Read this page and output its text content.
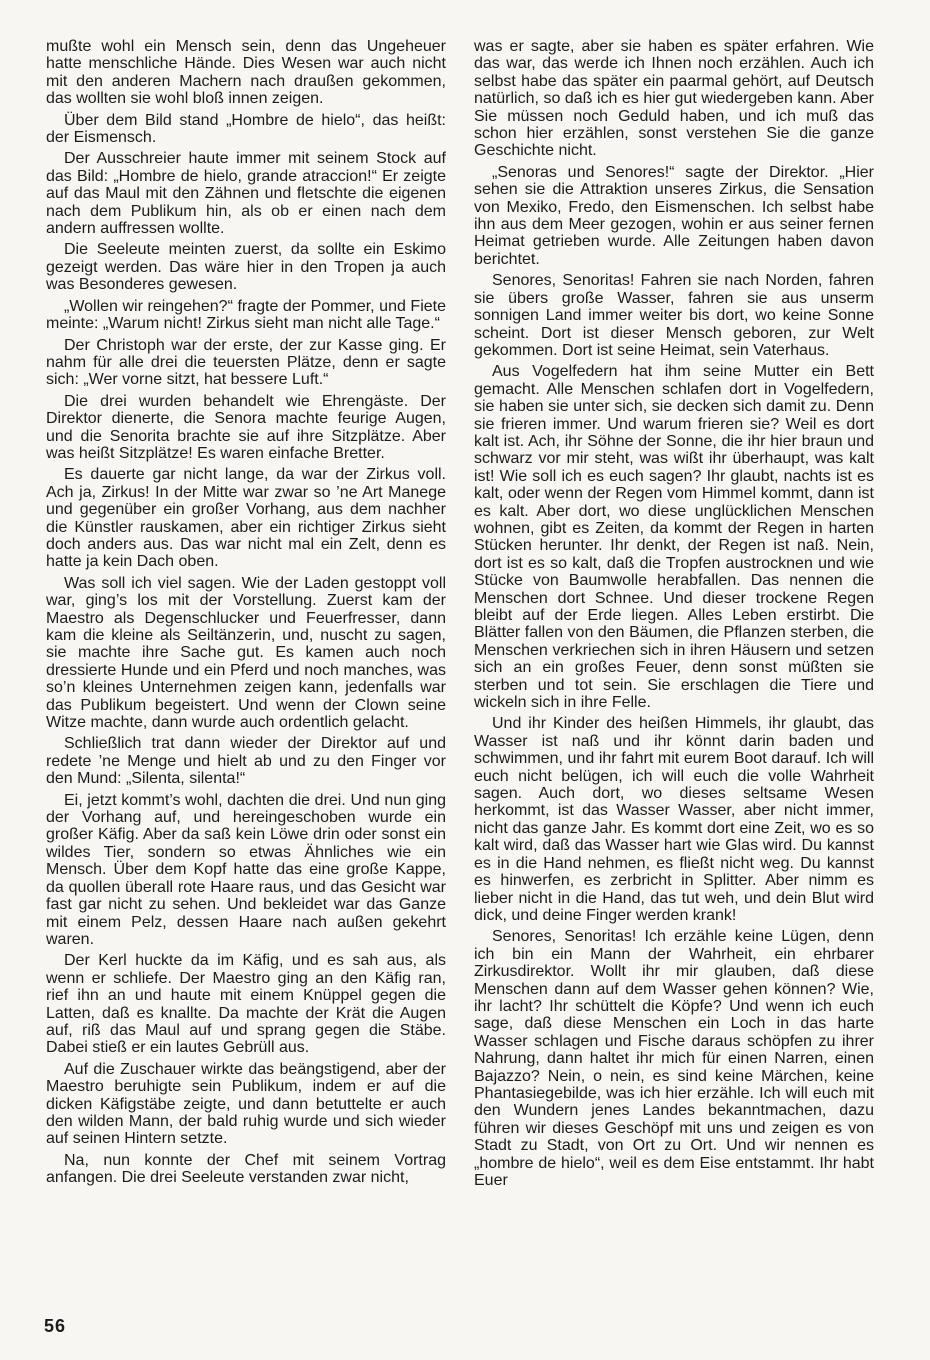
mußte wohl ein Mensch sein, denn das Ungeheuer hatte menschliche Hände. Dies Wesen war auch nicht mit den anderen Machern nach draußen gekommen, das wollten sie wohl bloß innen zeigen.

Über dem Bild stand „Hombre de hielo“, das heißt: der Eismensch.

Der Ausschreier haute immer mit seinem Stock auf das Bild: „Hombre de hielo, grande atraccion!“ Er zeigte auf das Maul mit den Zähnen und fletschte die eigenen nach dem Publikum hin, als ob er einen nach dem andern auffressen wollte.

Die Seeleute meinten zuerst, da sollte ein Eskimo gezeigt werden. Das wäre hier in den Tropen ja auch was Besonderes gewesen.

„Wollen wir reingehen?“ fragte der Pommer, und Fiete meinte: „Warum nicht! Zirkus sieht man nicht alle Tage.“

Der Christoph war der erste, der zur Kasse ging. Er nahm für alle drei die teuersten Plätze, denn er sagte sich: „Wer vorne sitzt, hat bessere Luft.“

Die drei wurden behandelt wie Ehrengäste. Der Direktor dienerte, die Senora machte feurige Augen, und die Senorita brachte sie auf ihre Sitzplätze. Aber was heißt Sitzplätze! Es waren einfache Bretter.

Es dauerte gar nicht lange, da war der Zirkus voll. Ach ja, Zirkus! In der Mitte war zwar so ’ne Art Manege und gegenüber ein großer Vorhang, aus dem nachher die Künstler rauskamen, aber ein richtiger Zirkus sieht doch anders aus. Das war nicht mal ein Zelt, denn es hatte ja kein Dach oben.

Was soll ich viel sagen. Wie der Laden gestoppt voll war, ging’s los mit der Vorstellung. Zuerst kam der Maestro als Degenschlucker und Feuerfresser, dann kam die kleine als Seiltänzerin, und, nuscht zu sagen, sie machte ihre Sache gut. Es kamen auch noch dressierte Hunde und ein Pferd und noch manches, was so’n kleines Unternehmen zeigen kann, jedenfalls war das Publikum begeistert. Und wenn der Clown seine Witze machte, dann wurde auch ordentlich gelacht.

Schließlich trat dann wieder der Direktor auf und redete ’ne Menge und hielt ab und zu den Finger vor den Mund: „Silenta, silenta!“

Ei, jetzt kommt’s wohl, dachten die drei. Und nun ging der Vorhang auf, und hereingeschoben wurde ein großer Käfig. Aber da saß kein Löwe drin oder sonst ein wildes Tier, sondern so etwas Ähnliches wie ein Mensch. Über dem Kopf hatte das eine große Kappe, da quollen überall rote Haare raus, und das Gesicht war fast gar nicht zu sehen. Und bekleidet war das Ganze mit einem Pelz, dessen Haare nach außen gekehrt waren.

Der Kerl huckte da im Käfig, und es sah aus, als wenn er schliefe. Der Maestro ging an den Käfig ran, rief ihn an und haute mit einem Knüppel gegen die Latten, daß es knallte. Da machte der Krät die Augen auf, riß das Maul auf und sprang gegen die Stäbe. Dabei stieß er ein lautes Gebrüll aus.

Auf die Zuschauer wirkte das beängstigend, aber der Maestro beruhigte sein Publikum, indem er auf die dicken Käfigstäbe zeigte, und dann betuttelte er auch den wilden Mann, der bald ruhig wurde und sich wieder auf seinen Hintern setzte.

Na, nun konnte der Chef mit seinem Vortrag anfangen. Die drei Seeleute verstanden zwar nicht,

was er sagte, aber sie haben es später erfahren. Wie das war, das werde ich Ihnen noch erzählen. Auch ich selbst habe das später ein paarmal gehört, auf Deutsch natürlich, so daß ich es hier gut wiedergeben kann. Aber Sie müssen noch Geduld haben, und ich muß das schon hier erzählen, sonst verstehen Sie die ganze Geschichte nicht.

„Senoras und Senores!“ sagte der Direktor. „Hier sehen sie die Attraktion unseres Zirkus, die Sensation von Mexiko, Fredo, den Eismenschen. Ich selbst habe ihn aus dem Meer gezogen, wohin er aus seiner fernen Heimat getrieben wurde. Alle Zeitungen haben davon berichtet.

Senores, Senoritas! Fahren sie nach Norden, fahren sie übers große Wasser, fahren sie aus unserm sonnigen Land immer weiter bis dort, wo keine Sonne scheint. Dort ist dieser Mensch geboren, zur Welt gekommen. Dort ist seine Heimat, sein Vaterhaus.

Aus Vogelfedern hat ihm seine Mutter ein Bett gemacht. Alle Menschen schlafen dort in Vogelfedern, sie haben sie unter sich, sie decken sich damit zu. Denn sie frieren immer. Und warum frieren sie? Weil es dort kalt ist. Ach, ihr Söhne der Sonne, die ihr hier braun und schwarz vor mir steht, was wißt ihr überhaupt, was kalt ist! Wie soll ich es euch sagen? Ihr glaubt, nachts ist es kalt, oder wenn der Regen vom Himmel kommt, dann ist es kalt. Aber dort, wo diese unglücklichen Menschen wohnen, gibt es Zeiten, da kommt der Regen in harten Stücken herunter. Ihr denkt, der Regen ist naß. Nein, dort ist es so kalt, daß die Tropfen austrocknen und wie Stücke von Baumwolle herabfallen. Das nennen die Menschen dort Schnee. Und dieser trockene Regen bleibt auf der Erde liegen. Alles Leben erstirbt. Die Blätter fallen von den Bäumen, die Pflanzen sterben, die Menschen verkriechen sich in ihren Häusern und setzen sich an ein großes Feuer, denn sonst müßten sie sterben und tot sein. Sie erschlagen die Tiere und wickeln sich in ihre Felle.

Und ihr Kinder des heißen Himmels, ihr glaubt, das Wasser ist naß und ihr könnt darin baden und schwimmen, und ihr fahrt mit eurem Boot darauf. Ich will euch nicht belügen, ich will euch die volle Wahrheit sagen. Auch dort, wo dieses seltsame Wesen herkommt, ist das Wasser Wasser, aber nicht immer, nicht das ganze Jahr. Es kommt dort eine Zeit, wo es so kalt wird, daß das Wasser hart wie Glas wird. Du kannst es in die Hand nehmen, es fließt nicht weg. Du kannst es hinwerfen, es zerbricht in Splitter. Aber nimm es lieber nicht in die Hand, das tut weh, und dein Blut wird dick, und deine Finger werden krank!

Senores, Senoritas! Ich erzähle keine Lügen, denn ich bin ein Mann der Wahrheit, ein ehrbarer Zirkusdirektor. Wollt ihr mir glauben, daß diese Menschen dann auf dem Wasser gehen können? Wie, ihr lacht? Ihr schüttelt die Köpfe? Und wenn ich euch sage, daß diese Menschen ein Loch in das harte Wasser schlagen und Fische daraus schöpfen zu ihrer Nahrung, dann haltet ihr mich für einen Narren, einen Bajazzo? Nein, o nein, es sind keine Märchen, keine Phantasiegebilde, was ich hier erzähle. Ich will euch mit den Wundern jenes Landes bekanntmachen, dazu führen wir dieses Geschöpf mit uns und zeigen es von Stadt zu Stadt, von Ort zu Ort. Und wir nennen es „hombre de hielo“, weil es dem Eise entstammt. Ihr habt Euer

56
